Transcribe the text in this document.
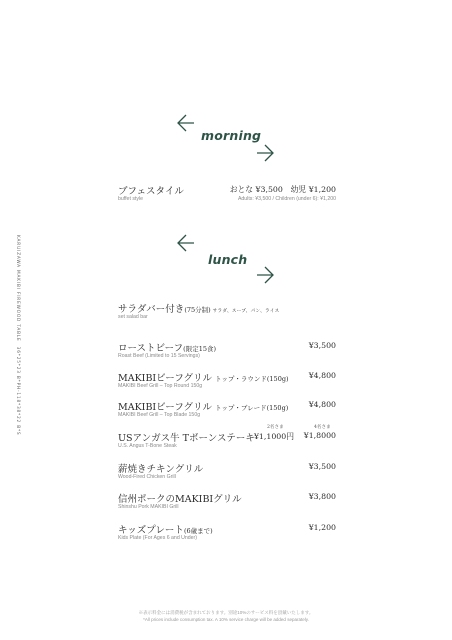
KARUIZAWA MAKIBI FIREWOOD TABLE　36*25*23 B*PH-118*38*22 B*S
morning
ブフェスタイル
buffet style
おとな ¥3,500　幼児 ¥1,200
Adults: ¥3,500 / Children (under 6): ¥1,200
lunch
サラダバー付き(75分制) サラダ、スープ、パン、ライス
set salad bar
ローストビーフ(限定15食)
Roast Beef (Limited to 15 Servings)
¥3,500
MAKIBIビーフグリル トップ・ラウンド(150g)
MAKIBI Beef Grill – Top Round 150g
¥4,800
MAKIBIビーフグリル トップ・ブレード(150g)
MAKIBI Beef Grill – Top Blade 150g
¥4,800
USアンガス牛 Tボーンステーキ
U.S. Angus T-Bone Steak
2名さま
¥1,1000円
4名さま
¥1,8000
薪焼きチキングリル
Wood-Fired Chicken Grill
¥3,500
信州ポークのMAKIBIグリル
Shinshu Pork MAKIBI Grill
¥3,800
キッズプレート(6歳まで)
Kids Plate (For Ages 6 and Under)
¥1,200
※表示料金には消費税が含まれております。別途10%のサービス料を頂戴いたします。
*All prices include consumption tax. A 10% service charge will be added separately.
